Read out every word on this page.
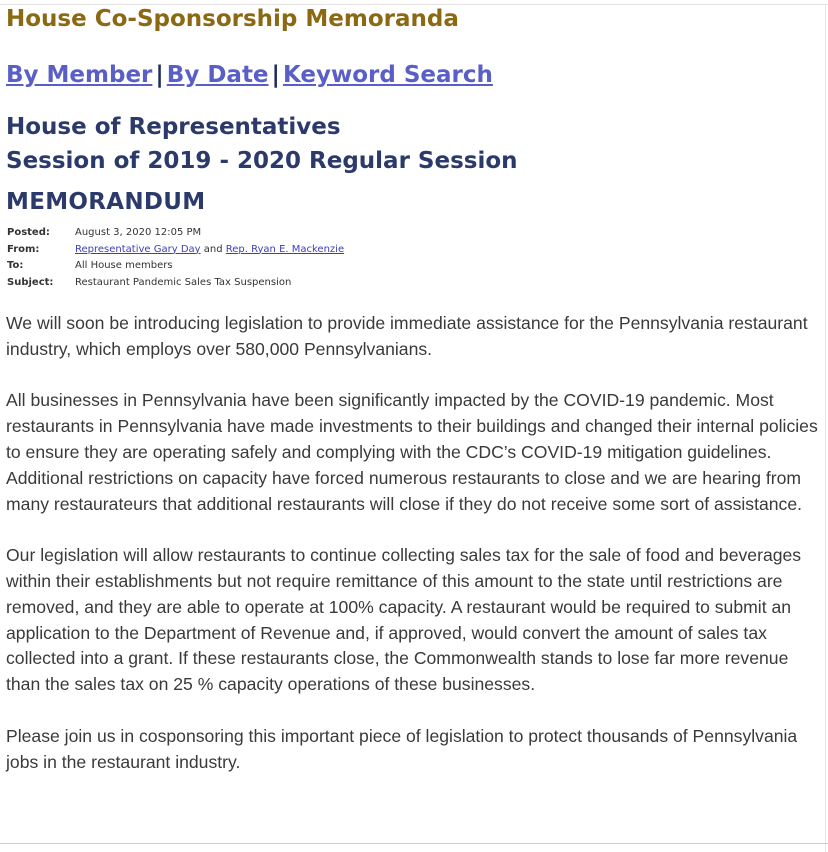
House Co-Sponsorship Memoranda
By Member | By Date | Keyword Search
House of Representatives
Session of 2019 - 2020 Regular Session
MEMORANDUM
Posted:	August 3, 2020 12:05 PM
From:	Representative Gary Day and Rep. Ryan E. Mackenzie
To:	All House members
Subject:	Restaurant Pandemic Sales Tax Suspension

We will soon be introducing legislation to provide immediate assistance for the Pennsylvania restaurant industry, which employs over 580,000 Pennsylvanians.

All businesses in Pennsylvania have been significantly impacted by the COVID-19 pandemic. Most restaurants in Pennsylvania have made investments to their buildings and changed their internal policies to ensure they are operating safely and complying with the CDC’s COVID-19 mitigation guidelines. Additional restrictions on capacity have forced numerous restaurants to close and we are hearing from many restaurateurs that additional restaurants will close if they do not receive some sort of assistance.

Our legislation will allow restaurants to continue collecting sales tax for the sale of food and beverages within their establishments but not require remittance of this amount to the state until restrictions are removed, and they are able to operate at 100% capacity. A restaurant would be required to submit an application to the Department of Revenue and, if approved, would convert the amount of sales tax collected into a grant. If these restaurants close, the Commonwealth stands to lose far more revenue than the sales tax on 25 % capacity operations of these businesses.

Please join us in cosponsoring this important piece of legislation to protect thousands of Pennsylvania jobs in the restaurant industry.
